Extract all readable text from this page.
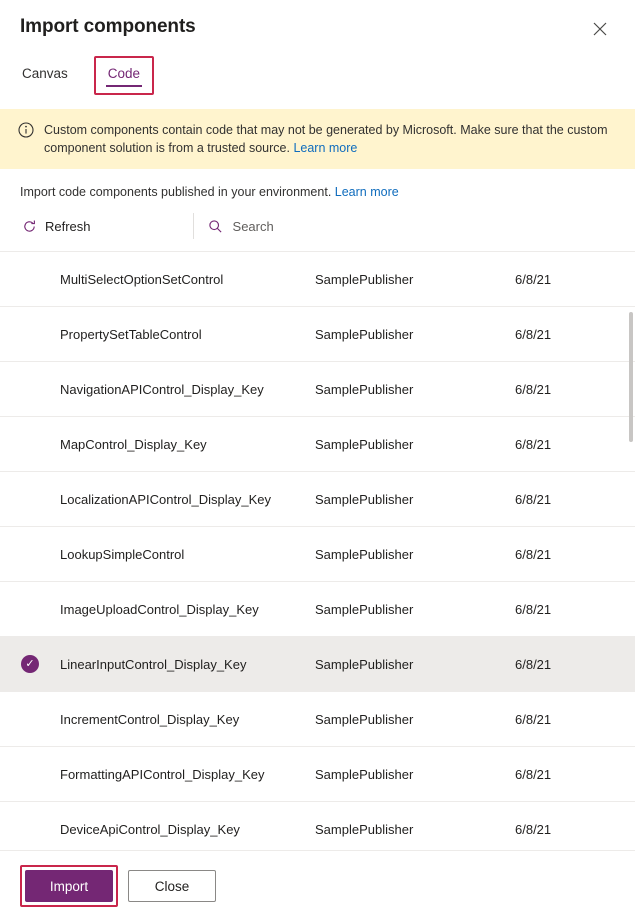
Import components
Canvas	Code
Custom components contain code that may not be generated by Microsoft. Make sure that the custom component solution is from a trusted source. Learn more
Import code components published in your environment. Learn more
Refresh
Search
MultiSelectOptionSetControl	SamplePublisher	6/8/21
PropertySetTableControl	SamplePublisher	6/8/21
NavigationAPIControl_Display_Key	SamplePublisher	6/8/21
MapControl_Display_Key	SamplePublisher	6/8/21
LocalizationAPIControl_Display_Key	SamplePublisher	6/8/21
LookupSimpleControl	SamplePublisher	6/8/21
ImageUploadControl_Display_Key	SamplePublisher	6/8/21
✓	LinearInputControl_Display_Key	SamplePublisher	6/8/21
IncrementControl_Display_Key	SamplePublisher	6/8/21
FormattingAPIControl_Display_Key	SamplePublisher	6/8/21
DeviceApiControl_Display_Key	SamplePublisher	6/8/21
Import	Close
